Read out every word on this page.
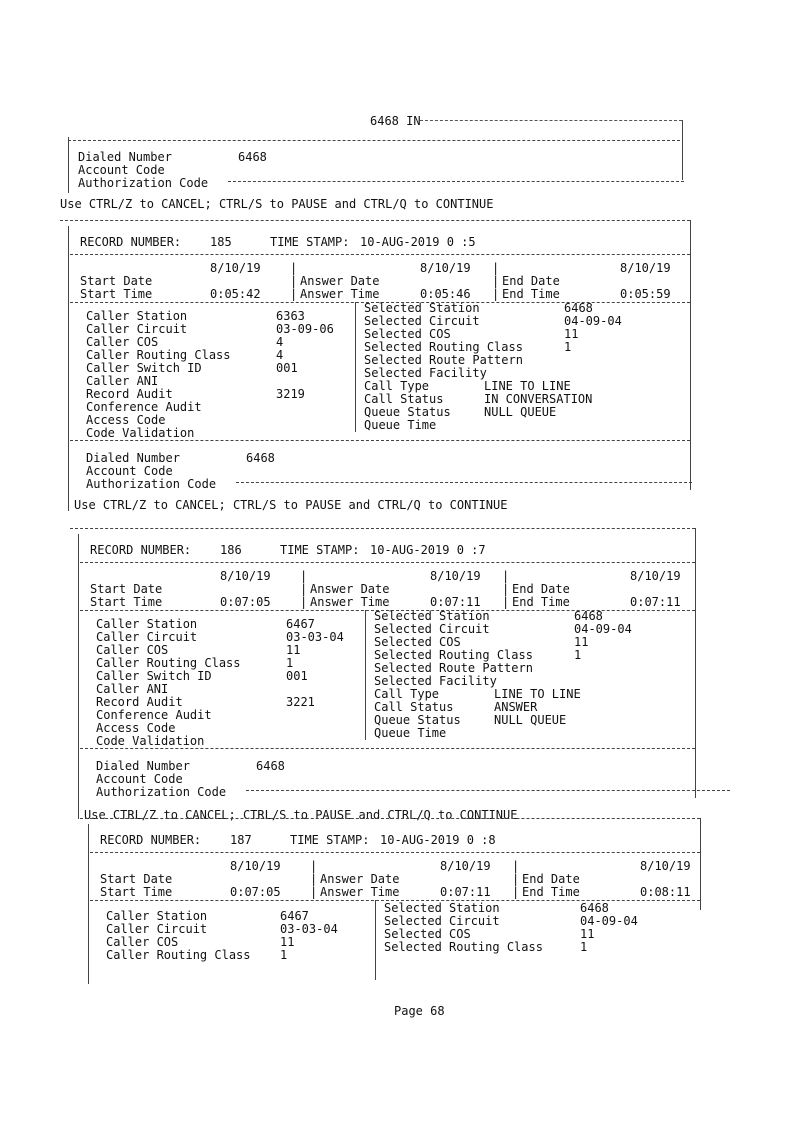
6468 IN
Dialed Number	6468
Account Code
Authorization Code
Use CTRL/Z to CANCEL; CTRL/S to PAUSE and CTRL/Q to CONTINUE
RECORD NUMBER: 185	TIME STAMP: 10-AUG-2019 0 :5
8/10/19 |	8/10/19 |	8/10/19
Start Date	| Answer Date	| End Date
Start Time	0:05:42 | Answer Time	0:05:46 | End Time	0:05:59
Caller Station	6363
Caller Circuit	03-09-06
Caller COS	4
Caller Routing Class	4
Caller Switch ID	001
Caller ANI
Record Audit	3219
Conference Audit
Access Code
Code Validation
Selected Station	6468
Selected Circuit	04-09-04
Selected COS	11
Selected Routing Class	1
Selected Route Pattern
Selected Facility
Call Type	LINE TO LINE
Call Status	IN CONVERSATION
Queue Status	NULL QUEUE
Queue Time
Dialed Number	6468
Account Code
Authorization Code
Use CTRL/Z to CANCEL; CTRL/S to PAUSE and CTRL/Q to CONTINUE
RECORD NUMBER: 186	TIME STAMP: 10-AUG-2019 0 :7
8/10/19 |	8/10/19 |	8/10/19
Start Date	| Answer Date	| End Date
Start Time	0:07:05 | Answer Time	0:07:11 | End Time	0:07:11
Caller Station	6467
Caller Circuit	03-03-04
Caller COS	11
Caller Routing Class	1
Caller Switch ID	001
Caller ANI
Record Audit	3221
Conference Audit
Access Code
Code Validation
Selected Station	6468
Selected Circuit	04-09-04
Selected COS	11
Selected Routing Class	1
Selected Route Pattern
Selected Facility
Call Type	LINE TO LINE
Call Status	ANSWER
Queue Status	NULL QUEUE
Queue Time
Dialed Number	6468
Account Code
Authorization Code
Use CTRL/Z to CANCEL; CTRL/S to PAUSE and CTRL/Q to CONTINUE
RECORD NUMBER: 187	TIME STAMP: 10-AUG-2019 0 :8
8/10/19 |	8/10/19 |	8/10/19
Start Date	| Answer Date	| End Date
Start Time	0:07:05 | Answer Time	0:07:11 | End Time	0:08:11
Caller Station	6467
Caller Circuit	03-03-04
Caller COS	11
Caller Routing Class 1
Selected Station	6468
Selected Circuit	04-09-04
Selected COS	11
Selected Routing Class	1
Page 68
